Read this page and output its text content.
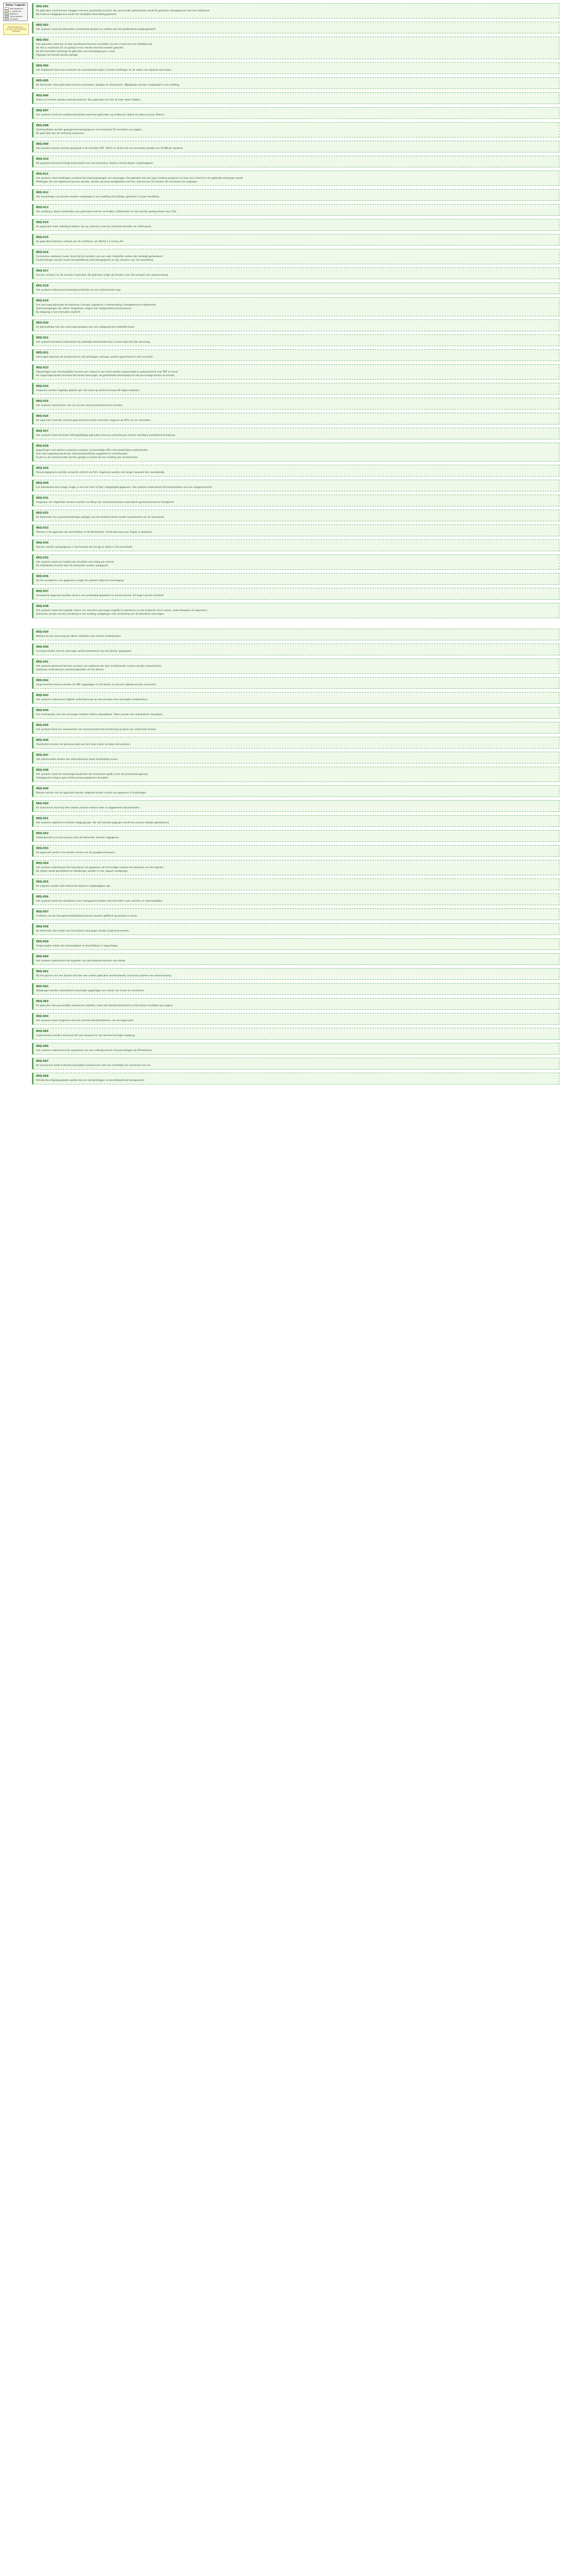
Status / Legende
Niet begonnen
In uitvoering
Afgerond
Geaccepteerd
Vervallen
VERTROUWELIJK — ALLEEN VOOR INTERN GEBRUIK
REQ-001
De gebruiker moet kunnen inloggen met een persoonlijk account. Na succesvolle authenticatie wordt de gebruiker doorgestuurd naar het dashboard.
Bij foutieve inloggegevens wordt een duidelijke foutmelding getoond.
REQ-002
Het systeem moet wachtwoorden versleuteld opslaan en voldoen aan het geldende beveiligingsbeleid.
REQ-003
Een gebruiker moet zijn of haar wachtwoord kunnen herstellen via een e-mail met een tijdelijke link.
De link is maximaal 24 uur geldig en kan slechts eenmaal worden gebruikt.
Na het herstellen ontvangt de gebruiker een bevestiging per e-mail.
Pogingen tot herstel worden gelogd.
REQ-004
Het dashboard toont een overzicht van openstaande taken, recente meldingen en de status van lopende aanvragen.
REQ-005
De beheerder moet gebruikers kunnen aanmaken, wijzigen en deactiveren. Wijzigingen worden vastgelegd in een auditlog.
REQ-006
Rollen en rechten worden centraal beheerd. Een gebruiker kan één of meer rollen hebben.
REQ-007
Het systeem moet een zoekfunctie bieden waarmee gebruikers op trefwoord, datum en status kunnen filteren.
REQ-008
Zoekresultaten worden gepagineerd weergegeven met maximaal 25 resultaten per pagina.
De gebruiker kan de sortering aanpassen.
REQ-009
Documenten kunnen worden geüpload in de formaten PDF, DOCX en XLSX met een maximale grootte van 20 MB per bestand.
REQ-010
Elk geüpload document krijgt automatisch een versienummer. Oudere versies blijven raadpleegbaar.
REQ-011
Het systeem moet meldingen versturen bij statuswijzigingen van aanvragen. De gebruiker kan per type melding aangeven of deze via e-mail of in de applicatie ontvangen wordt.
Meldingen die niet afgeleverd kunnen worden, worden opnieuw aangeboden met een interval van 15 minuten tot maximaal vier pogingen.
REQ-012
Alle handelingen op dossiers worden vastgelegd in een auditlog met tijdstip, gebruiker en type handeling.
REQ-013
Het auditlog is alleen inzichtelijk voor gebruikers met de rol Auditor of Beheerder en kan worden geëxporteerd naar CSV.
REQ-014
De applicatie moet volledig bruikbaar zijn op schermen met een minimale breedte van 1024 pixels.
REQ-015
De gebruikersinterface voldoet aan de richtlijnen van WCAG 2.1 niveau AA.
REQ-016
Formulieren valideren invoer direct bij het verlaten van een veld. Verplichte velden zijn duidelijk gemarkeerd.
Foutmeldingen worden naast het betreffende veld weergegeven en zijn voorzien van een toelichting.
REQ-017
Sessies verlopen na 30 minuten inactiviteit. De gebruiker krijgt vijf minuten voor het verlopen een waarschuwing.
REQ-018
Het systeem ondersteunt tweestapsverificatie via een authenticator-app.
REQ-019
Een aanvraag doorloopt de statussen Concept, Ingediend, In behandeling, Goedgekeurd en Afgewezen.
Statusovergangen zijn alleen toegestaan volgens het vastgestelde processchema.
Bij afwijzing is een motivatie verplicht.
REQ-020
De behandelaar kan een aanvraag toewijzen aan een collega binnen hetzelfde team.
REQ-021
Het systeem berekent automatisch de wettelijke behandeltermijn en toont deze bij elke aanvraag.
REQ-022
Aanvragen waarvan de termijn binnen vijf werkdagen verloopt, worden gemarkeerd in het overzicht.
REQ-023
Rapportages over doorlooptijden kunnen per maand en per team worden opgevraagd en geëxporteerd naar PDF en Excel.
De rapportage bevat minimaal het aantal aanvragen, de gemiddelde doorlooptijd en het percentage binnen de termijn.
REQ-024
Gegevens worden dagelijks geback-upt. Een back-up wordt minimaal 30 dagen bewaard.
REQ-025
Het systeem moet binnen vier uur na een storing hersteld kunnen worden.
REQ-026
De applicatie moet bij normaal gebruik binnen twee seconden reageren op 95% van de verzoeken.
REQ-027
Het systeem moet minimaal 500 gelijktijdige gebruikers kunnen ondersteunen zonder merkbare prestatievermindering.
REQ-028
Koppelingen met externe systemen verlopen via beveiligde API's met wederzijdse authenticatie.
Voor elke koppeling wordt een interfacespecificatie opgesteld en onderhouden.
Fouten in de communicatie worden gelogd en leiden tot een melding aan de beheerder.
REQ-029
Persoonsgegevens worden verwerkt conform de AVG. Gegevens worden niet langer bewaard dan noodzakelijk.
REQ-030
Een betrokkene kan inzage vragen in de over hem of haar vastgelegde gegevens. Het systeem ondersteunt het samenstellen van een inzageoverzicht.
REQ-031
Gegevens van afgesloten dossiers worden na afloop van de bewaartermijn automatisch geanonimiseerd of verwijderd.
REQ-032
De beheerder kan systeeminstellingen wijzigen via een beheerscherm zonder tussenkomst van de leverancier.
REQ-033
Teksten in de applicatie zijn beschikbaar in het Nederlands. Ondersteuning voor Engels is optioneel.
REQ-034
Datums worden weergegeven in het formaat dd-mm-jjjj en tijden in 24-uursnotatie.
REQ-035
Het systeem moet een helpfunctie bevatten met uitleg per scherm.
De helpteksten kunnen door de beheerder worden aangepast.
REQ-036
Bij het verwijderen van gegevens vraagt het systeem altijd om bevestiging.
REQ-037
Verwijderde gegevens worden eerst in een prullenbak geplaatst en kunnen binnen 30 dagen worden hersteld.
REQ-038
Het systeem moet het mogelijk maken om meerdere aanvragen tegelijk te selecteren en een bulkactie uit te voeren, zoals toewijzen of exporteren.
Bulkacties worden als één handeling in het auditlog vastgelegd, met vermelding van de betrokken aanvragen.
REQ-039
Notities bij een aanvraag zijn alleen zichtbaar voor interne medewerkers.
REQ-040
Correspondentie met de aanvrager wordt automatisch aan het dossier gekoppeld.
REQ-041
Het systeem genereert brieven op basis van sjablonen die door de beheerder kunnen worden onderhouden.
Sjablonen ondersteunen samenvoegvelden uit het dossier.
REQ-042
Gegenereerde brieven worden als PDF opgeslagen in het dossier en kunnen digitaal worden verzonden.
REQ-043
Het systeem ondersteunt digitale ondertekening van documenten door bevoegde medewerkers.
REQ-044
Een medewerker kan een vervanger instellen tijdens afwezigheid. Taken worden dan automatisch doorgezet.
REQ-045
Het systeem toont per medewerker een werkvoorraad met prioritering op basis van resterende termijn.
REQ-046
Teamleiders kunnen de werkvoorraad van hun team inzien en taken herverdelen.
REQ-047
Alle datumvelden bieden een kalenderkeuze naast handmatige invoer.
REQ-048
Het systeem moet een testomgeving bieden die functioneel gelijk is aan de productieomgeving.
Testgegevens mogen geen echte persoonsgegevens bevatten.
REQ-049
Nieuwe versies van de applicatie worden uitgerold zonder verlies van gegevens of instellingen.
REQ-050
De leverancier levert bij elke release actuele release notes en bijgewerkte documentatie.
REQ-051
Het systeem registreert mislukte inlogpogingen. Na vijf mislukte pogingen wordt het account tijdelijk geblokkeerd.
REQ-052
Geblokkeerde accounts kunnen door de beheerder worden vrijgegeven.
REQ-053
De applicatie werkt in de actuele versies van de gangbare browsers.
REQ-054
Het systeem ondersteunt het importeren van gegevens uit het huidige systeem ten behoeve van de migratie.
De import wordt gevalideerd en afwijkingen worden in een rapport vastgelegd.
REQ-055
Na migratie moeten alle historische dossiers raadpleegbaar zijn.
REQ-056
Het systeem moet een dashboard voor management bieden met kerncijfers over volumes en doorlooptijden.
REQ-057
Grafieken op het managementdashboard kunnen worden gefilterd op periode en team.
REQ-058
De beheerder kan velden aan formulieren toevoegen zonder programmeerwerk.
REQ-059
Toegevoegde velden zijn doorzoekbaar en beschikbaar in rapportages.
REQ-060
Het systeem ondersteunt het koppelen van gerelateerde dossiers aan elkaar.
REQ-061
Bij het openen van een dossier dat door een andere gebruiker wordt bewerkt, toont het systeem een waarschuwing.
REQ-062
Wijzigingen worden automatisch tussentijds opgeslagen om verlies van invoer te voorkomen.
REQ-063
De gebruiker kan persoonlijke voorkeuren instellen, zoals het standaardoverzicht en het aantal resultaten per pagina.
REQ-064
Het systeem moet integreren met het centrale identiteitsbeheer van de organisatie.
REQ-065
Logbestanden worden minimaal één jaar bewaard en zijn beschermd tegen wijziging.
REQ-066
Het systeem ondersteunt het exporteren van een volledig dossier inclusief bijlagen als ZIP-bestand.
REQ-067
De leverancier biedt ondersteuning tijdens kantooruren met een reactietijd van maximaal vier uur.
REQ-068
Kritieke beveiligingsupdates worden binnen vijf werkdagen na beschikbaarheid doorgevoerd.
